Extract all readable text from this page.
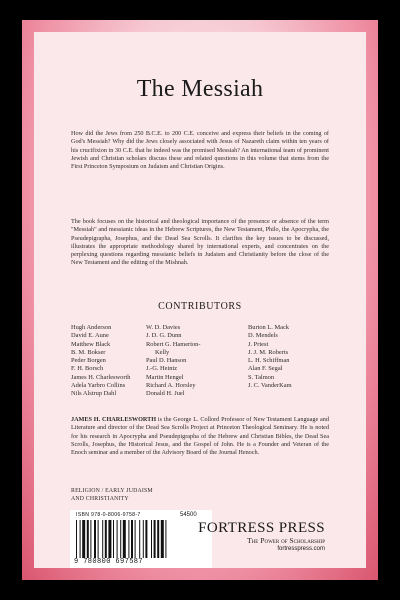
The Messiah
How did the Jews from 250 B.C.E. to 200 C.E. conceive and express their beliefs in the coming of God's Messiah? Why did the Jews closely associated with Jesus of Nazareth claim within ten years of his crucifixion in 30 C.E. that he indeed was the promised Messiah? An international team of prominent Jewish and Christian scholars discuss these and related questions in this volume that stems from the First Princeton Symposium on Judaism and Christian Origins.
The book focuses on the historical and theological importance of the presence or absence of the term "Messiah" and messianic ideas in the Hebrew Scriptures, the New Testament, Philo, the Apocrypha, the Pseudepigrapha, Josephus, and the Dead Sea Scrolls. It clarifies the key issues to be discussed, illustrates the appropriate methodology shared by international experts, and concentrates on the perplexing questions regarding messianic beliefs in Judaism and Christianity before the close of the New Testament and the editing of the Mishnah.
CONTRIBUTORS
Hugh Anderson
David E. Aune
Matthew Black
B. M. Bokser
Peder Borgen
F. H. Borsch
James H. Charlesworth
Adela Yarbro Collins
Nils Alstrup Dahl
W. D. Davies
J. D. G. Dunn
Robert G. Hamerton-
Kelly
Paul D. Hanson
J.-G. Heintz
Martin Hengel
Richard A. Horsley
Donald H. Juel
Burton L. Mack
D. Mendels
J. Priest
J. J. M. Roberts
L. H. Schiffman
Alan F. Segal
S. Talmon
J. C. VanderKam
JAMES H. CHARLESWORTH is the George L. Collord Professor of New Testament Language and Literature and director of the Dead Sea Scrolls Project at Princeton Theological Seminary. He is noted for his research in Apocrypha and Pseudepigrapha of the Hebrew and Christian Bibles, the Dead Sea Scrolls, Josephus, the Historical Jesus, and the Gospel of John. He is a Founder and Veteran of the Enoch seminar and a member of the Advisory Board of the Journal Henoch.
RELIGION / EARLY JUDAISM
AND CHRISTIANITY
ISBN 978-0-8006-9758-7	54500
9 780800 697587
FORTRESS PRESS
The Power of Scholarship
fortresspress.com
